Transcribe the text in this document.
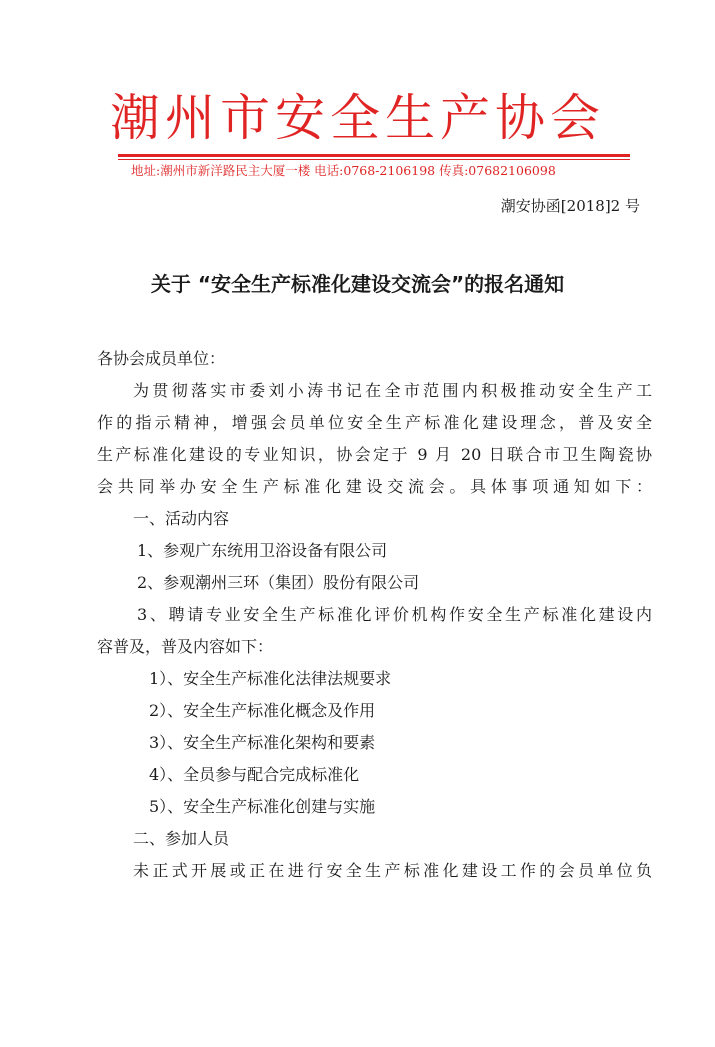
潮州市安全生产协会
地址:潮州市新洋路民主大厦一楼 电话:0768-2106198 传真:07682106098
潮安协函[2018]2 号
关于 “安全生产标准化建设交流会”的报名通知

各协会成员单位：

为贯彻落实市委刘小涛书记在全市范围内积极推动安全生产工

作的指示精神，增强会员单位安全生产标准化建设理念，普及安全

生产标准化建设的专业知识，协会定于 9 月 20 日联合市卫生陶瓷协

会共同举办安全生产标准化建设交流会。具体事项通知如下：

一、活动内容

1、参观广东统用卫浴设备有限公司

2、参观潮州三环（集团）股份有限公司

3、聘请专业安全生产标准化评价机构作安全生产标准化建设内

容普及，普及内容如下：

1）、安全生产标准化法律法规要求

2）、安全生产标准化概念及作用

3）、安全生产标准化架构和要素

4）、全员参与配合完成标准化

5）、安全生产标准化创建与实施

二、参加人员

未正式开展或正在进行安全生产标准化建设工作的会员单位负
